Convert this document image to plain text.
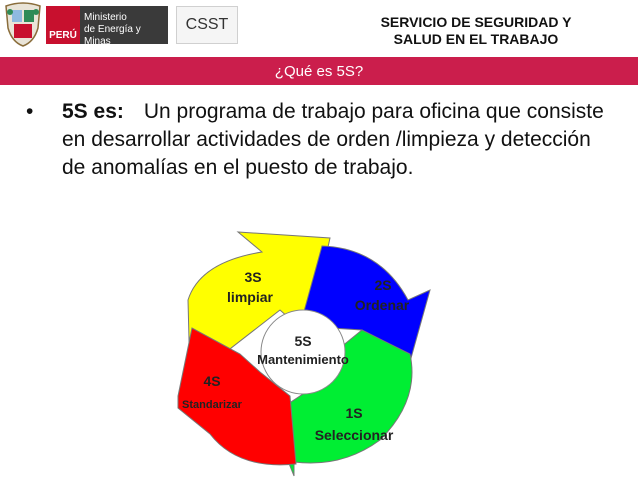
PERÚ
Ministerio
de Energía y Minas
CSST	SERVICIO DE SEGURIDAD Y
SALUD EN EL TRABAJO
¿Qué es 5S?
• 5S es: Un programa de trabajo para oficina que consiste en desarrollar actividades de orden /limpieza y detección de anomalías en el puesto de trabajo.
5S
Mantenimiento
3S
limpiar
2S
Ordenar
1S
Seleccionar
4S
Standarizar
